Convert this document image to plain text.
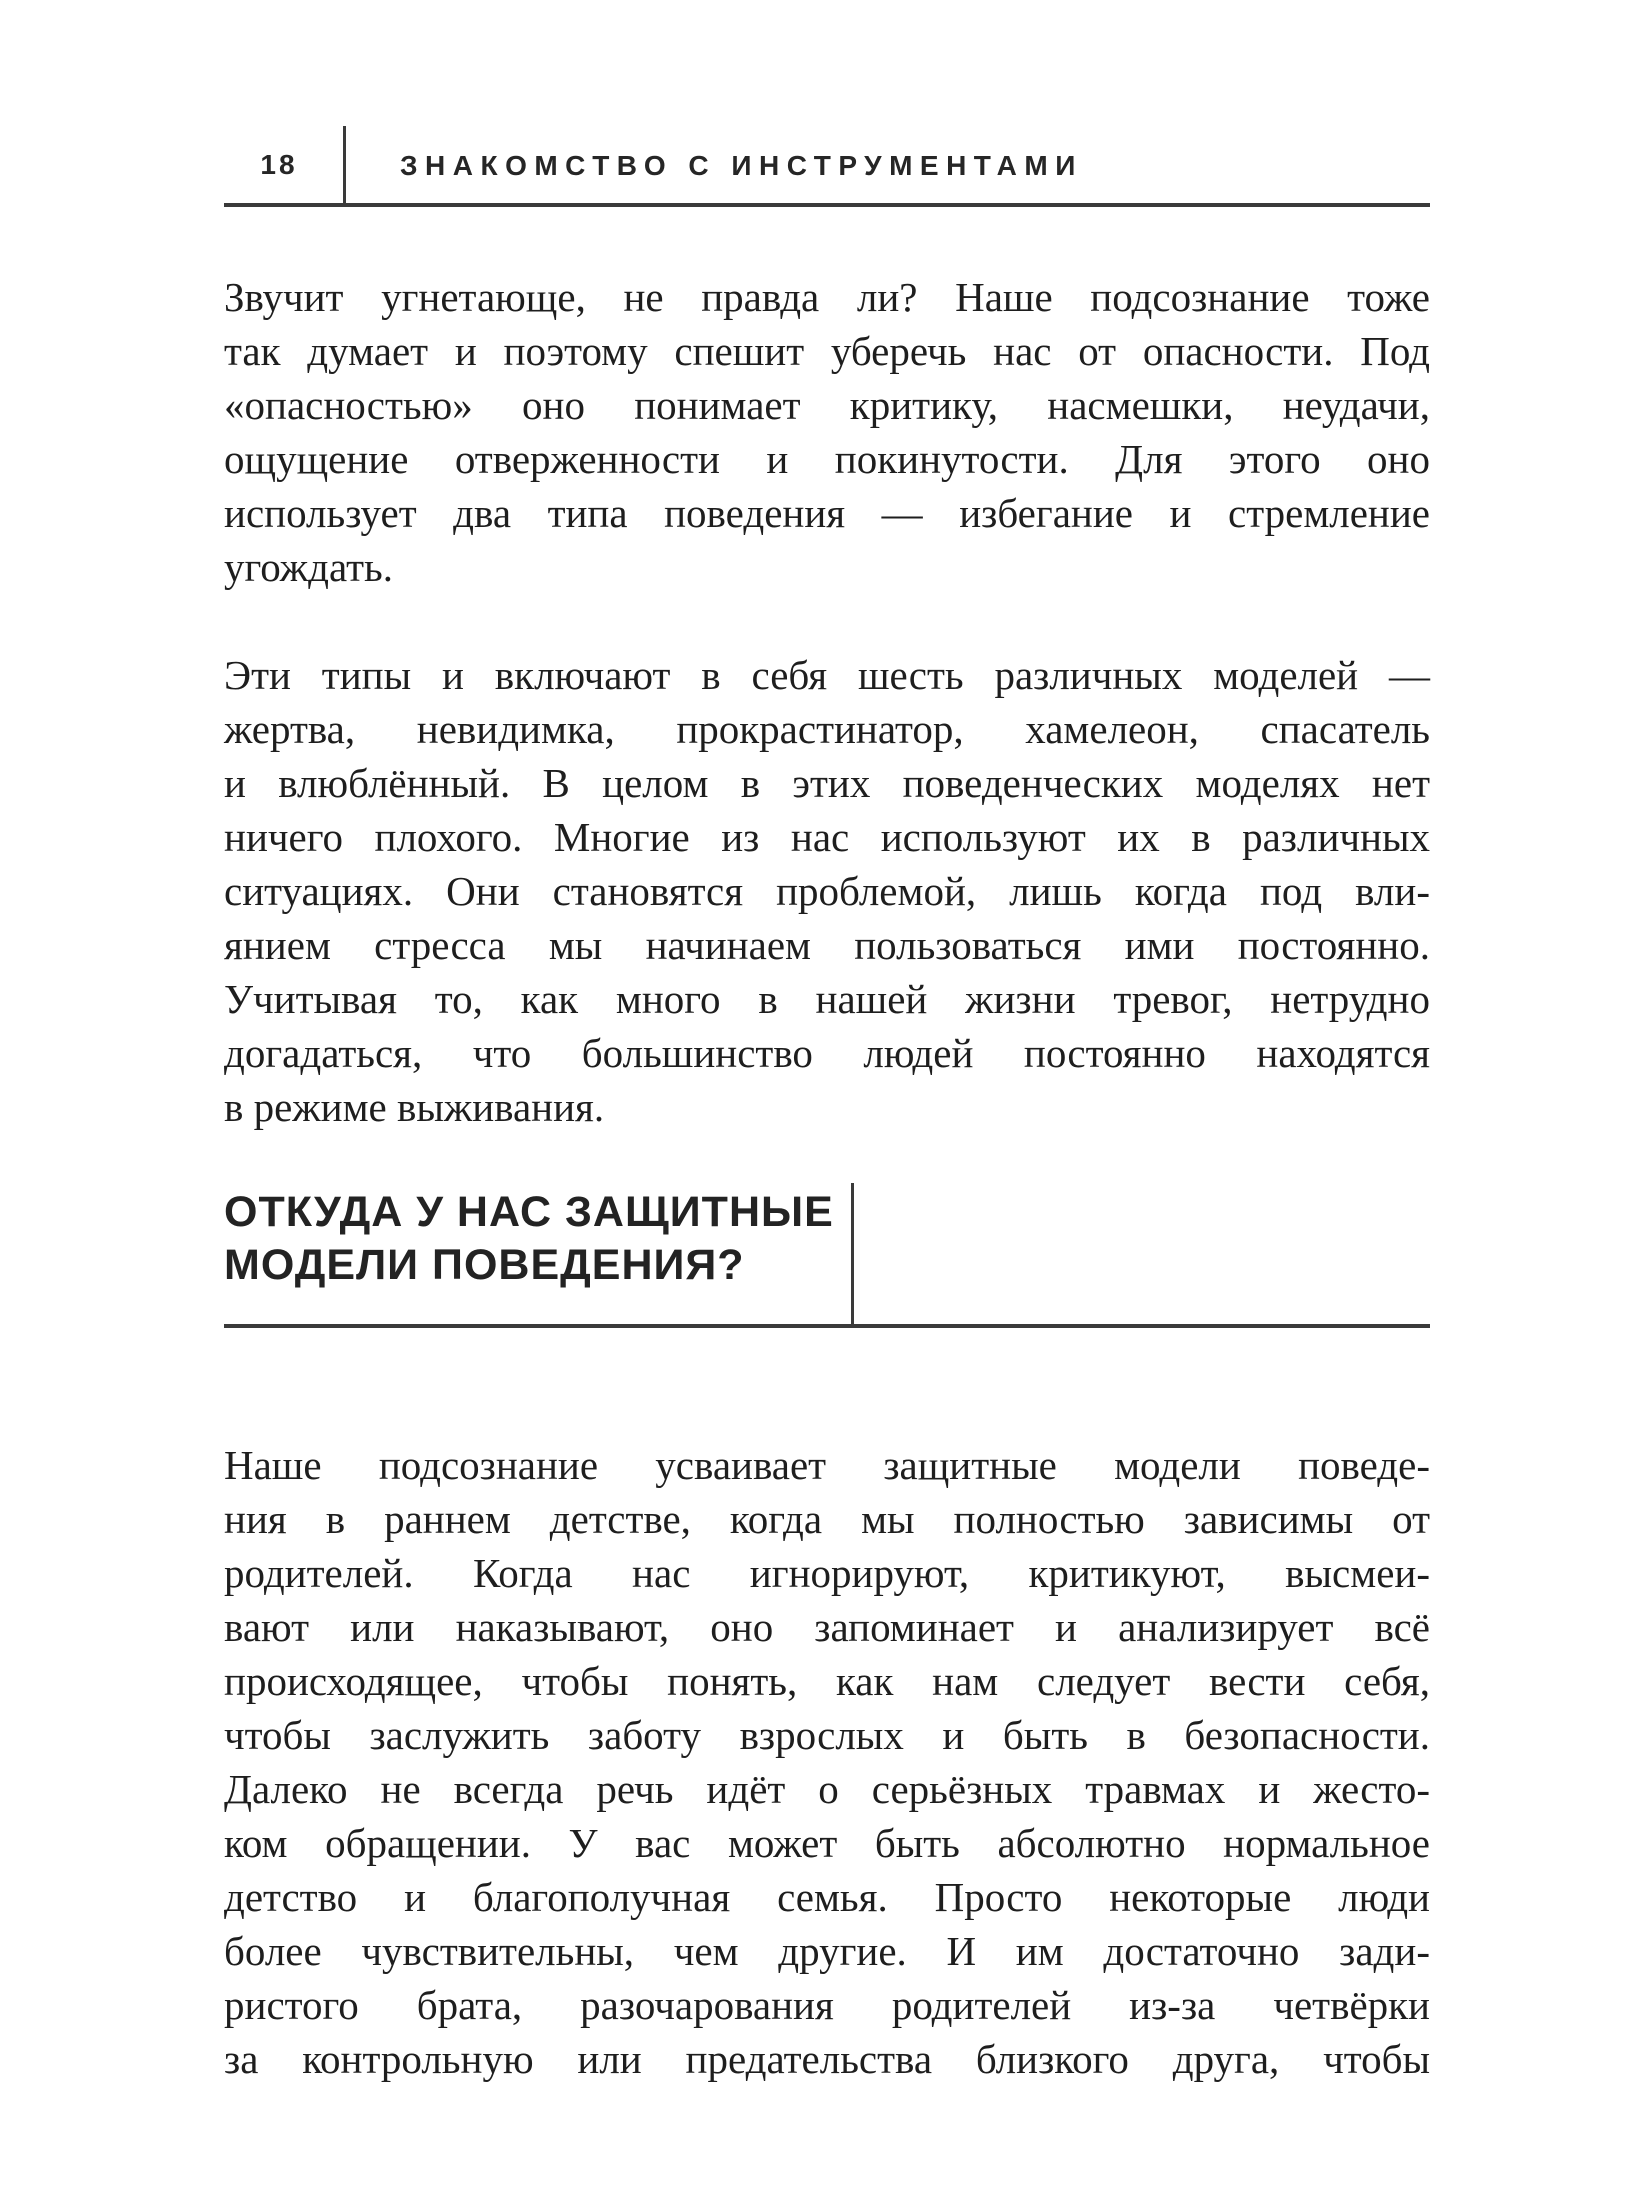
18	ЗНАКОМСТВО С ИНСТРУМЕНТАМИ
Звучит угнетающе, не правда ли? Наше подсознание тоже
так думает и поэтому спешит уберечь нас от опасности. Под
«опасностью» оно понимает критику, насмешки, неудачи,
ощущение отверженности и покинутости. Для этого оно
использует два типа поведения — избегание и стремление
угождать.
Эти типы и включают в себя шесть различных моделей —
жертва, невидимка, прокрастинатор, хамелеон, спасатель
и влюблённый. В целом в этих поведенческих моделях нет
ничего плохого. Многие из нас используют их в различных
ситуациях. Они становятся проблемой, лишь когда под вли-
янием стресса мы начинаем пользоваться ими постоянно.
Учитывая то, как много в нашей жизни тревог, нетрудно
догадаться, что большинство людей постоянно находятся
в режиме выживания.
ОТКУДА У НАС ЗАЩИТНЫЕ
МОДЕЛИ ПОВЕДЕНИЯ?
Наше подсознание усваивает защитные модели поведе-
ния в раннем детстве, когда мы полностью зависимы от
родителей. Когда нас игнорируют, критикуют, высмеи-
вают или наказывают, оно запоминает и анализирует всё
происходящее, чтобы понять, как нам следует вести себя,
чтобы заслужить заботу взрослых и быть в безопасности.
Далеко не всегда речь идёт о серьёзных травмах и жесто-
ком обращении. У вас может быть абсолютно нормальное
детство и благополучная семья. Просто некоторые люди
более чувствительны, чем другие. И им достаточно зади-
ристого брата, разочарования родителей из-за четвёрки
за контрольную или предательства близкого друга, чтобы
